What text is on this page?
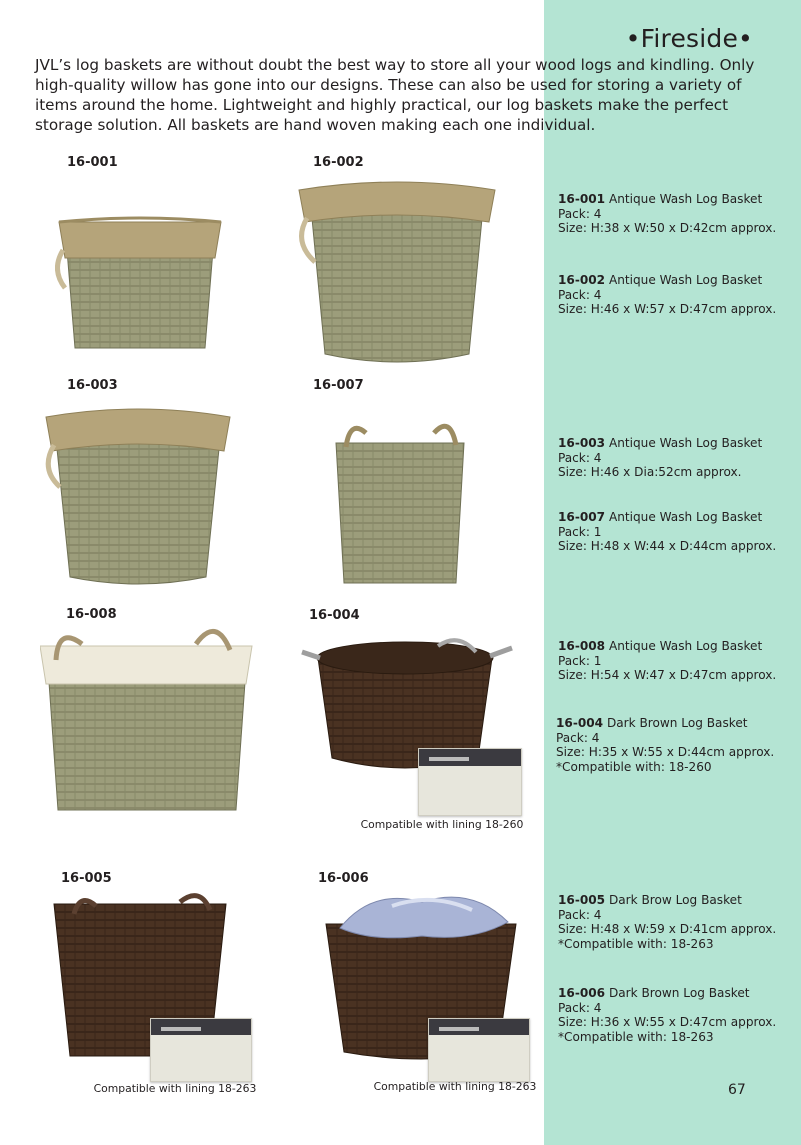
•Fireside•

JVL’s log baskets are without doubt the best way to store all your wood logs and kindling. Only high-quality willow has gone into our designs. These can also be used for storing a variety of items around the home. Lightweight and highly practical, our log baskets make the perfect storage solution. All baskets are hand woven making each one individual.

16-001	16-002
16-003	16-007
16-008	16-004
16-005	16-006
Compatible with lining 18-260
Compatible with lining 18-263	Compatible with lining 18-263
16-001 Antique Wash Log Basket
Pack: 4
Size: H:38 x W:50 x D:42cm approx.
16-002 Antique Wash Log Basket
Pack: 4
Size: H:46 x W:57 x D:47cm approx.
16-003 Antique Wash Log Basket
Pack: 4
Size: H:46 x Dia:52cm approx.
16-007 Antique Wash Log Basket
Pack: 1
Size: H:48 x W:44 x D:44cm approx.
16-008 Antique Wash Log Basket
Pack: 1
Size: H:54 x W:47 x D:47cm approx.
16-004 Dark Brown Log Basket
Pack: 4
Size: H:35 x W:55 x D:44cm approx.
*Compatible with: 18-260
16-005 Dark Brow Log Basket
Pack: 4
Size: H:48 x W:59 x D:41cm approx.
*Compatible with: 18-263
16-006 Dark Brown Log Basket
Pack: 4
Size: H:36 x W:55 x D:47cm approx.
*Compatible with: 18-263
67
